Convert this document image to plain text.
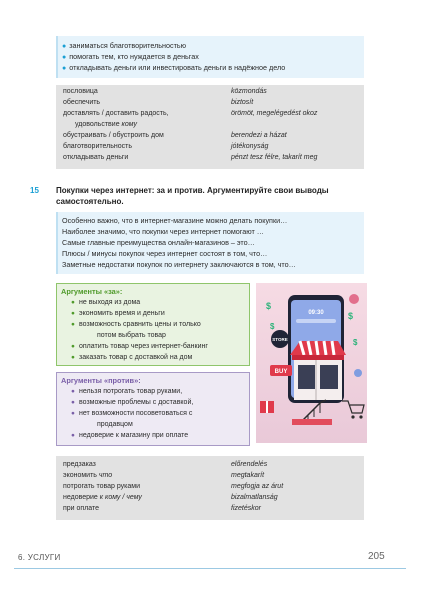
● заниматься благотворительностью
● помогать тем, кто нуждается в деньгах
● откладывать деньги или инвестировать деньги в надёжное дело
пословица	közmondás
обеспечить	biztosít
доставлять / доставить радость,	örömöt, megelégedést okoz
удовольствие кому
обустраивать / обустроить дом	berendezi a házat
благотворительность	jótékonyság
откладывать деньги	pénzt tesz félre, takarít meg
15 Покупки через интернет: за и против. Аргументируйте свои выводы
самостоятельно.
Особенно важно, что в интернет-магазине можно делать покупки…
Наиболее значимо, что покупки через интернет помогают …
Самые главные преимущества онлайн-магазинов – это…
Плюсы / минусы покупок через интернет состоят в том, что…
Заметные недостатки покупок по интернету заключаются в том, что…
Аргументы «за»:
● не выходя из дома
● экономить время и деньги
● возможность сравнить цены и только
потом выбрать товар
● оплатить товар через интернет-банкинг
● заказать товар с доставкой на дом
Аргументы «против»:
● нельзя потрогать товар руками,
● возможные проблемы с доставкой,
● нет возможности посоветоваться с
продавцом
● недоверие к магазину при оплате
09:30
STORE
BUY
$
$
$
$
предзаказ	előrendelés
экономить что	megtakarít
потрогать товар руками	megfogja az árut
недоверие к кому / чему	bizalmatlanság
при оплате	fizetéskor
6. УСЛУГИ	205
